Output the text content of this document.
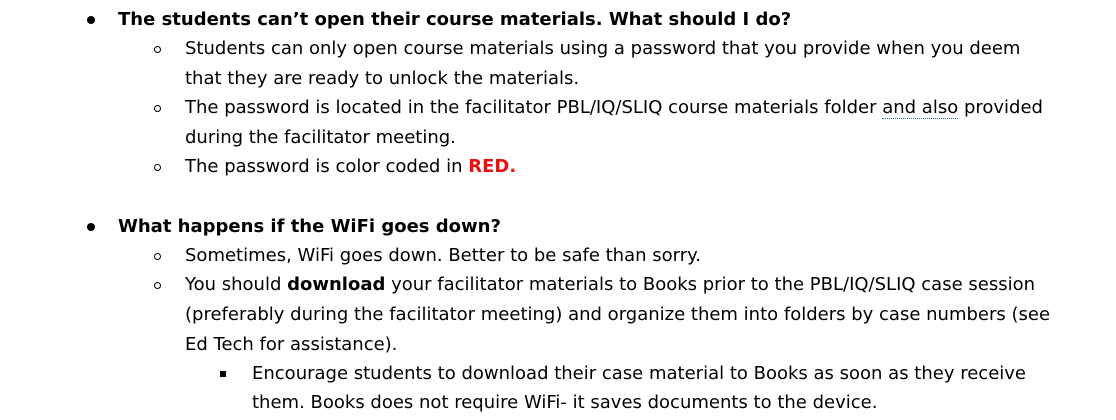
The students can’t open their course materials. What should I do?
Students can only open course materials using a password that you provide when you deem
that they are ready to unlock the materials.
The password is located in the facilitator PBL/IQ/SLIQ course materials folder and also provided
during the facilitator meeting.
The password is color coded in RED.
What happens if the WiFi goes down?
Sometimes, WiFi goes down. Better to be safe than sorry.
You should download your facilitator materials to Books prior to the PBL/IQ/SLIQ case session
(preferably during the facilitator meeting) and organize them into folders by case numbers (see
Ed Tech for assistance).
Encourage students to download their case material to Books as soon as they receive
them. Books does not require WiFi- it saves documents to the device.
